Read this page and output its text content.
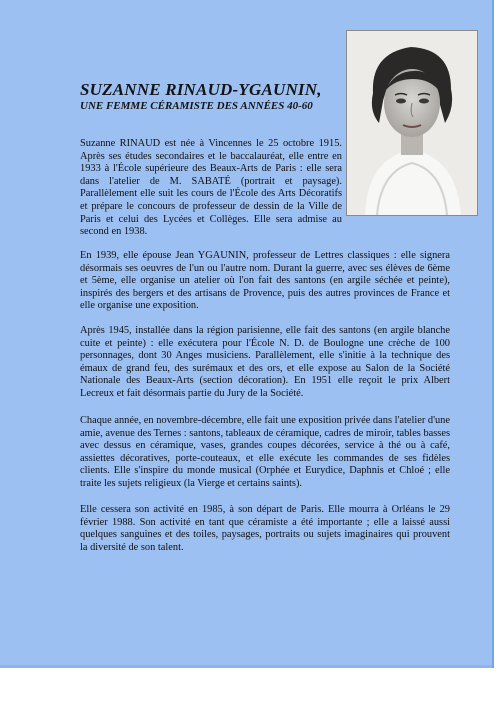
SUZANNE RINAUD-YGAUNIN,
UNE FEMME CÉRAMISTE DES ANNÉES 40-60

Suzanne RINAUD est née à Vincennes le 25 octobre 1915. Après ses études secondaires et le baccalauréat, elle entre en 1933 à l'École supérieure des Beaux-Arts de Paris : elle sera dans l'atelier de M. SABATÉ (portrait et paysage). Parallèlement elle suit les cours de l'École des Arts Décoratifs et prépare le concours de professeur de dessin de la Ville de Paris et celui des Lycées et Collèges. Elle sera admise au second en 1938.

En 1939, elle épouse Jean YGAUNIN, professeur de Lettres classiques : elle signera désormais ses oeuvres de l'un ou l'autre nom. Durant la guerre, avec ses élèves de 6ème et 5ème, elle organise un atelier où l'on fait des santons (en argile séchée et peinte), inspirés des bergers et des artisans de Provence, puis des autres provinces de France et elle organise une exposition.

Après 1945, installée dans la région parisienne, elle fait des santons (en argile blanche cuite et peinte) : elle exécutera pour l'École N. D. de Boulogne une crèche de 100 personnages, dont 30 Anges musiciens. Parallèlement, elle s'initie à la technique des émaux de grand feu, des surémaux et des ors, et elle expose au Salon de la Société Nationale des Beaux-Arts (section décoration). En 1951 elle reçoit le prix Albert Lecreux et fait désormais partie du Jury de la Société.

Chaque année, en novembre-décembre, elle fait une exposition privée dans l'atelier d'une amie, avenue des Ternes : santons, tableaux de céramique, cadres de miroir, tables basses avec dessus en céramique, vases, grandes coupes décorées, service à thé ou à café, assiettes décoratives, porte-couteaux, et elle exécute les commandes de ses fidèles clients. Elle s'inspire du monde musical (Orphée et Eurydice, Daphnis et Chloé ; elle traite les sujets religieux (la Vierge et certains saints).

Elle cessera son activité en 1985, à son départ de Paris. Elle mourra à Orléans le 29 février 1988. Son activité en tant que céramiste a été importante ; elle a laissé aussi quelques sanguines et des toiles, paysages, portraits ou sujets imaginaires qui prouvent la diversité de son talent.
